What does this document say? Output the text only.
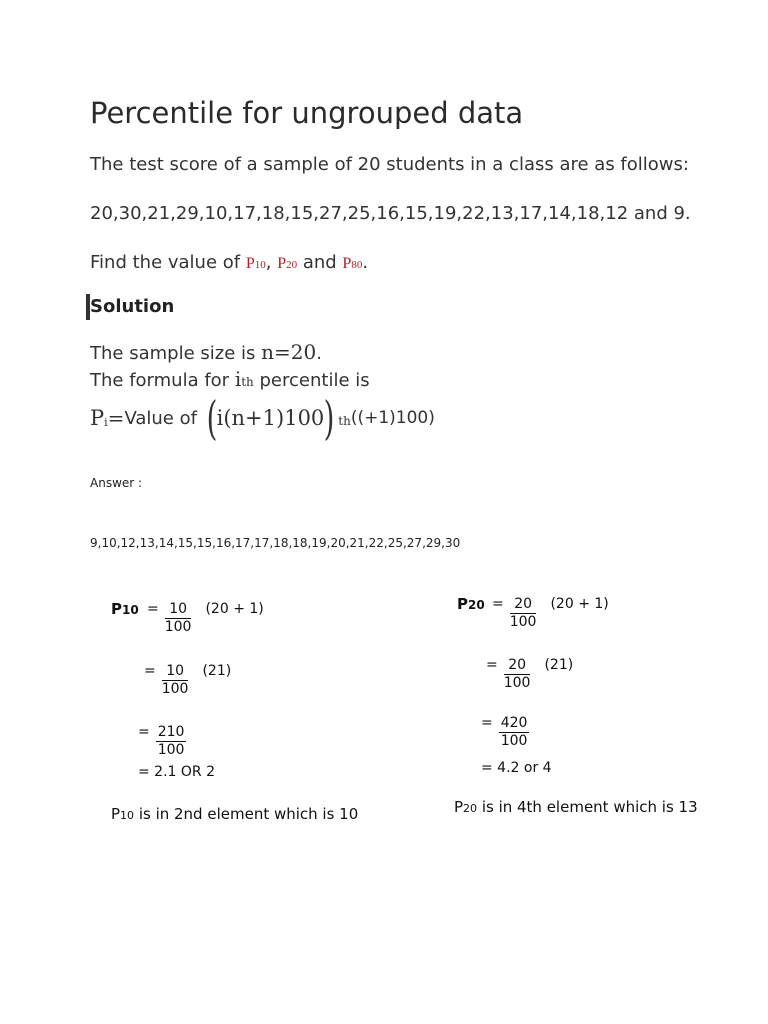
Percentile for ungrouped data

The test score of a sample of 20 students in a class are as follows:

20,30,21,29,10,17,18,15,27,25,16,15,19,22,13,17,14,18,12 and 9.

Find the value of P10, P20 and P80.

Solution

The sample size is n=20.

The formula for ith percentile is

P i = Value of ( i(n+1)100 ) th ((+1)100)
Answer :
9,10,12,13,14,15,15,16,17,17,18,18,19,20,21,22,25,27,29,30
$P10 = \frac{10}{100} (20 + 1)$
= $\frac{10}{100} (21)$
= $\frac{210}{100}$
= 2.1 OR 2
P10 is in 2nd element which is 10
$P20 = \frac{20}{100} (20 + 1)$
= $\frac{20}{100} (21)$
= $\frac{420}{100}$
= 4.2 or 4
P20 is in 4th element which is 13
